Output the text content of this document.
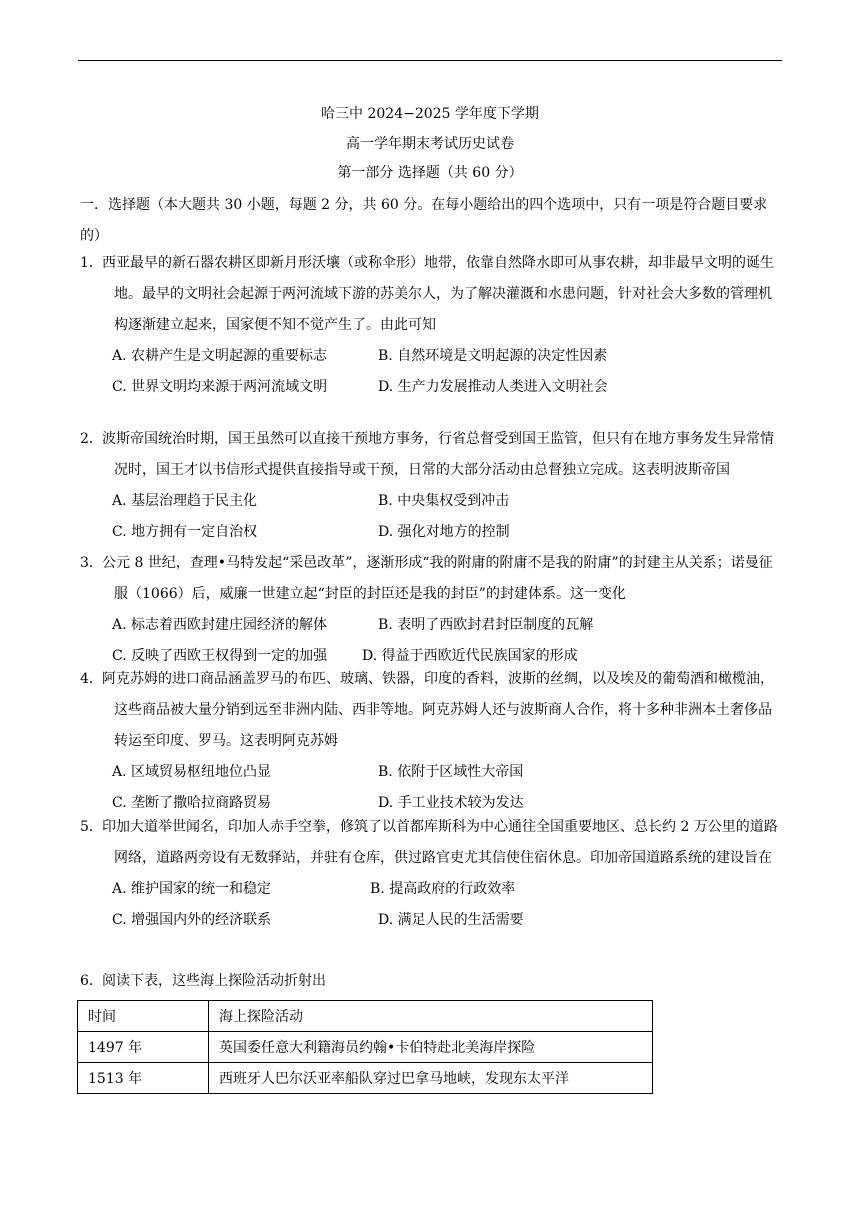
哈三中 2024−2025 学年度下学期
高一学年期末考试历史试卷
第一部分 选择题（共 60 分）
一．选择题（本大题共 30 小题，每题 2 分，共 60 分。在每小题给出的四个选项中，只有一项是符合题目要求的）
1． 西亚最早的新石器农耕区即新月形沃壤（或称伞形）地带，依靠自然降水即可从事农耕，却非最早文明的诞生地。最早的文明社会起源于两河流域下游的苏美尔人，为了解决灌溉和水患问题，针对社会大多数的管理机构逐渐建立起来，国家便不知不觉产生了。由此可知
A. 农耕产生是文明起源的重要标志	B. 自然环境是文明起源的决定性因素
C. 世界文明均来源于两河流域文明	D. 生产力发展推动人类进入文明社会
2． 波斯帝国统治时期，国王虽然可以直接干预地方事务，行省总督受到国王监管，但只有在地方事务发生异常情况时，国王才以书信形式提供直接指导或干预，日常的大部分活动由总督独立完成。这表明波斯帝国
A. 基层治理趋于民主化	B. 中央集权受到冲击
C. 地方拥有一定自治权	D. 强化对地方的控制
3． 公元 8 世纪，查理•马特发起“采邑改革”，逐渐形成“我的附庸的附庸不是我的附庸”的封建主从关系；诺曼征服（1066）后，威廉一世建立起“封臣的封臣还是我的封臣”的封建体系。这一变化
A. 标志着西欧封建庄园经济的解体	B. 表明了西欧封君封臣制度的瓦解
C. 反映了西欧王权得到一定的加强	D. 得益于西欧近代民族国家的形成
4． 阿克苏姆的进口商品涵盖罗马的布匹、玻璃、铁器，印度的香料，波斯的丝绸，以及埃及的葡萄酒和橄榄油，这些商品被大量分销到远至非洲内陆、西非等地。阿克苏姆人还与波斯商人合作，将十多种非洲本土奢侈品转运至印度、罗马。这表明阿克苏姆
A. 区域贸易枢纽地位凸显	B. 依附于区域性大帝国
C. 垄断了撒哈拉商路贸易	D. 手工业技术较为发达
5． 印加大道举世闻名，印加人赤手空拳，修筑了以首都库斯科为中心通往全国重要地区、总长约 2 万公里的道路网络，道路两旁设有无数驿站，并驻有仓库，供过路官吏尤其信使住宿休息。印加帝国道路系统的建设旨在
A. 维护国家的统一和稳定	B. 提高政府的行政效率
C. 增强国内外的经济联系	D. 满足人民的生活需要
6． 阅读下表，这些海上探险活动折射出
时间	海上探险活动
1497 年	英国委任意大利籍海员约翰•卡伯特赴北美海岸探险
1513 年	西班牙人巴尔沃亚率船队穿过巴拿马地峡，发现东太平洋
